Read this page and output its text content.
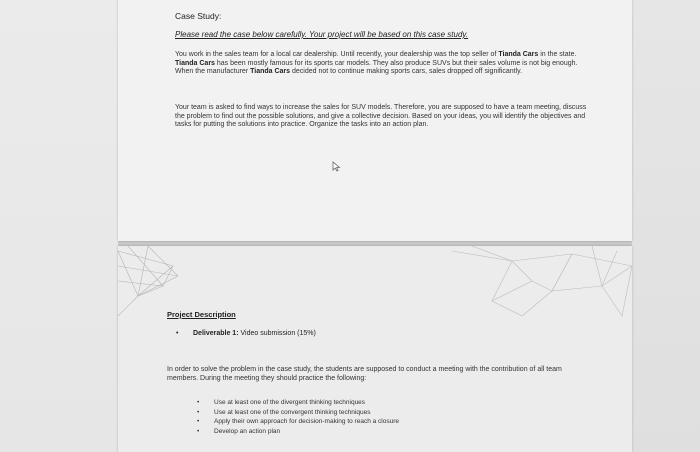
Case Study:
Please read the case below carefully. Your project will be based on this case study.
You work in the sales team for a local car dealership. Until recently, your dealership was the top seller of Tianda Cars in the state. Tianda Cars has been mostly famous for its sports car models. They also produce SUVs but their sales volume is not big enough. When the manufacturer Tianda Cars decided not to continue making sports cars, sales dropped off significantly.
Your team is asked to find ways to increase the sales for SUV models. Therefore, you are supposed to have a team meeting, discuss the problem to find out the possible solutions, and give a collective decision. Based on your ideas, you will identify the objectives and tasks for putting the solutions into practice. Organize the tasks into an action plan.
Project Description
• Deliverable 1: Video submission (15%)
In order to solve the problem in the case study, the students are supposed to conduct a meeting with the contribution of all team members. During the meeting they should practice the following:
• Use at least one of the divergent thinking techniques
• Use at least one of the convergent thinking techniques
• Apply their own approach for decision-making to reach a closure
• Develop an action plan
